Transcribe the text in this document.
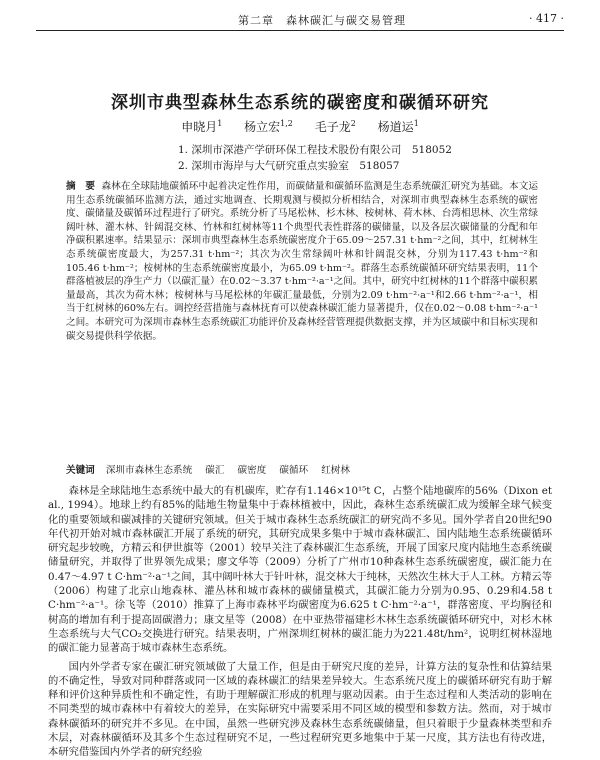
第二章　森林碳汇与碳交易管理	· 417 ·
深圳市典型森林生态系统的碳密度和碳循环研究
申晓月$^1$ 杨立宏$^{1,2}$ 毛子龙$^2$ 杨道运$^1$
1. 深圳市深港产学研环保工程技术股份有限公司　518052
2. 深圳市海岸与大气研究重点实验室　518057
摘　要 森林在全球陆地碳循环中起着决定性作用，而碳储量和碳循环监测是生态系统碳汇研究为基础。本文运用生态系统碳循环监测方法，通过实地调查、长期观测与模拟分析相结合，对深圳市典型森林生态系统的碳密度、碳储量及碳循环过程进行了研究。系统分析了马尾松林、杉木林、桉树林、荷木林、台湾相思林、次生常绿阔叶林、灌木林、针阔混交林、竹林和红树林等11个典型代表性群落的碳储量，以及各层次碳储量的分配和年净碳积累速率。结果显示：深圳市典型森林生态系统碳密度介于65.09～257.31 t·hm⁻²之间，其中，红树林生态系统碳密度最大，为257.31 t·hm⁻²；其次为次生常绿阔叶林和针阔混交林，分别为117.43 t·hm⁻²和105.46 t·hm⁻²；桉树林的生态系统碳密度最小，为65.09 t·hm⁻²。群落生态系统碳循环研究结果表明，11个群落植被层的净生产力（以碳汇量）在0.02～3.37 t·hm⁻²·a⁻¹之间。其中，研究中红树林的11个群落中碳积累量最高，其次为荷木林；桉树林与马尾松林的年碳汇量最低，分别为2.09 t·hm⁻²·a⁻¹和2.66 t·hm⁻²·a⁻¹，相当于红树林的60%左右。调控经营措施与森林抚育可以使森林碳汇能力显著提升，仅在0.02～0.08 t·hm⁻²·a⁻¹之间。本研究可为深圳市森林生态系统碳汇功能评价及森林经营管理提供数据支撑，并为区域碳中和目标实现和碳交易提供科学依据。
关键词 深圳市森林生态系统 碳汇 碳密度 碳循环 红树林

森林是全球陆地生态系统中最大的有机碳库，贮存有1.146×10¹⁵t C，占整个陆地碳库的56%（Dixon et al., 1994）。地球上约有85%的陆地生物量集中于森林植被中，因此，森林生态系统碳汇成为缓解全球气候变化的重要领域和碳减排的关键研究领域。但关于城市森林生态系统碳汇的研究尚不多见。国外学者自20世纪90年代初开始对城市森林碳汇开展了系统的研究，其研究成果多集中于城市森林碳汇、国内陆地生态系统碳循环研究起步较晚，方精云和伊世旗等（2001）较早关注了森林碳汇生态系统，开展了国家尺度内陆地生态系统碳储量研究，并取得了世界领先成果；廖文华等（2009）分析了广州市10种森林生态系统碳密度，碳汇能力在0.47～4.97 t C·hm⁻²·a⁻¹之间，其中阔叶林大于针叶林，混交林大于纯林，天然次生林大于人工林。方精云等（2006）构建了北京山地森林、灌丛林和城市森林的碳储量模式，其碳汇能力分别为0.95、0.29和4.58 t C·hm⁻²·a⁻¹。徐飞等（2010）推算了上海市森林平均碳密度为6.625 t C·hm⁻²·a⁻¹，群落密度、平均胸径和树高的增加有利于提高固碳潜力；康文星等（2008）在中亚热带福建杉木林生态系统碳循环研究中，对杉木林生态系统与大气CO₂交换进行研究。结果表明，广州深圳红树林的碳汇能力为221.48t/hm²，说明红树林湿地的碳汇能力显著高于城市森林生态系统。

国内外学者专家在碳汇研究领域做了大量工作，但是由于研究尺度的差异，计算方法的复杂性和估算结果的不确定性，导致对同种群落或同一区域的森林碳汇的结果差异较大。生态系统尺度上的碳循环研究有助于解释和评价这种异质性和不确定性，有助于理解碳汇形成的机理与驱动因素。由于生态过程和人类活动的影响在不同类型的城市森林中有着较大的差异，在实际研究中需要采用不同区域的模型和参数方法。然而，对于城市森林碳循环的研究并不多见。在中国，虽然一些研究涉及森林生态系统碳储量，但只着眼于少量森林类型和乔木层，对森林碳循环及其多个生态过程研究不足，一些过程研究更多地集中于某一尺度，其方法也有待改进，本研究借鉴国内外学者的研究经验
